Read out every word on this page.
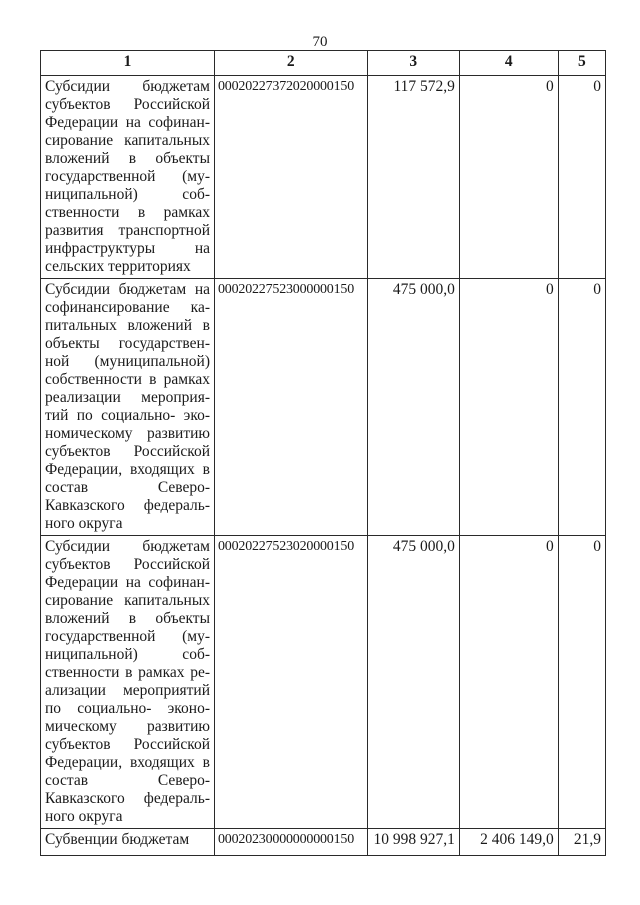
70
1	2	3	4	5
Субсидии бюджетам субъектов Российской Федерации на софинан-сирование капитальных вложений в объекты государственной (му-ниципальной) соб-ственности в рамках развития транспортной инфраструктуры на сельских территориях	00020227372020000150	117 572,9	0	0
Субсидии бюджетам на софинансирование ка-питальных вложений в объекты государствен-ной (муниципальной) собственности в рамках реализации мероприя-тий по социально- эко-номическому развитию субъектов Российской Федерации, входящих в состав Северо-Кавказского федераль-ного округа	00020227523000000150	475 000,0	0	0
Субсидии бюджетам субъектов Российской Федерации на софинан-сирование капитальных вложений в объекты государственной (му-ниципальной) соб-ственности в рамках ре-ализации мероприятий по социально- эконо-мическому развитию субъектов Российской Федерации, входящих в состав Северо-Кавказского федераль-ного округа	00020227523020000150	475 000,0	0	0
Субвенции бюджетам	00020230000000000150	10 998 927,1	2 406 149,0	21,9
